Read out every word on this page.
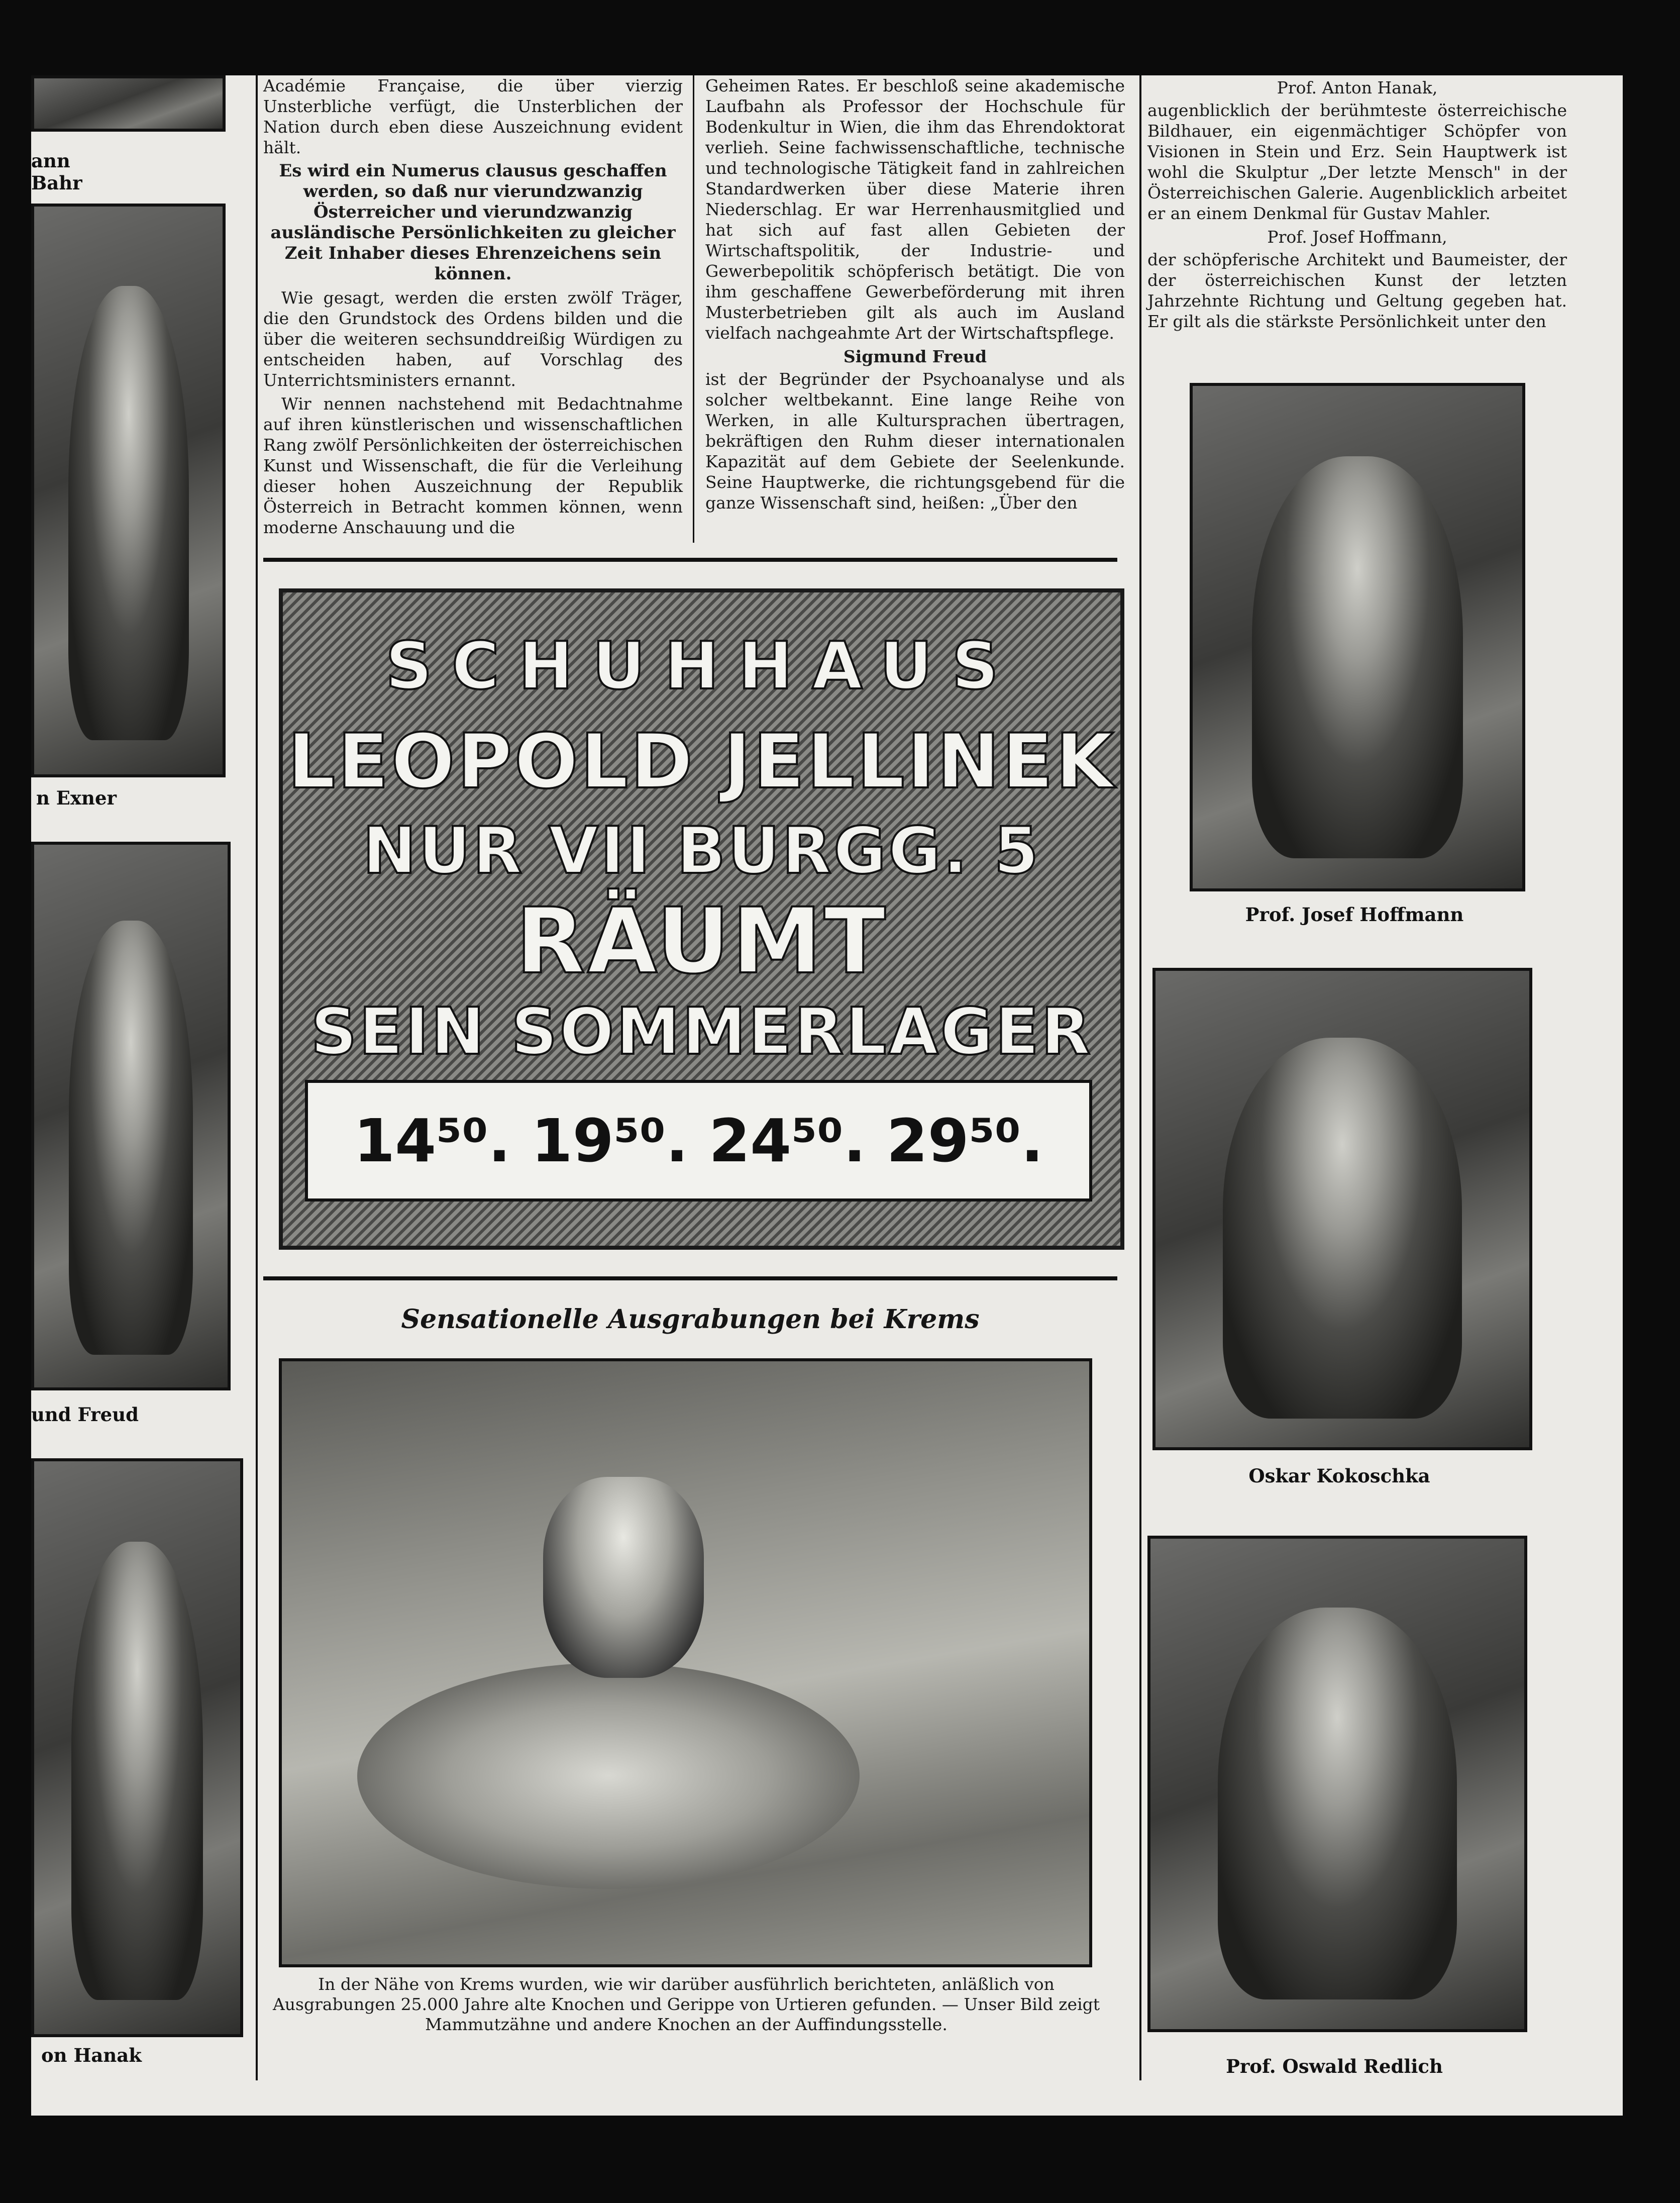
ann Bahr
n Exner
und Freud
on Hanak

Académie Française, die über vierzig Unsterbliche verfügt, die Unsterblichen der Nation durch eben diese Auszeichnung evident hält.

Es wird ein Numerus clausus geschaffen werden, so daß nur vierundzwanzig Österreicher und vierundzwanzig ausländische Persönlichkeiten zu gleicher Zeit Inhaber dieses Ehrenzeichens sein können.

Wie gesagt, werden die ersten zwölf Träger, die den Grundstock des Ordens bilden und die über die weiteren sechsunddreißig Würdigen zu entscheiden haben, auf Vorschlag des Unterrichtsministers ernannt.

Wir nennen nachstehend mit Bedachtnahme auf ihren künstlerischen und wissenschaftlichen Rang zwölf Persönlichkeiten der österreichischen Kunst und Wissenschaft, die für die Verleihung dieser hohen Auszeichnung der Republik Österreich in Betracht kommen können, wenn moderne Anschauung und die

Geheimen Rates. Er beschloß seine akademische Laufbahn als Professor der Hochschule für Bodenkultur in Wien, die ihm das Ehrendoktorat verlieh. Seine fachwissenschaftliche, technische und technologische Tätigkeit fand in zahlreichen Standardwerken über diese Materie ihren Niederschlag. Er war Herrenhausmitglied und hat sich auf fast allen Gebieten der Wirtschaftspolitik, der Industrie- und Gewerbepolitik schöpferisch betätigt. Die von ihm geschaffene Gewerbeförderung mit ihren Musterbetrieben gilt als auch im Ausland vielfach nachgeahmte Art der Wirtschaftspflege.

Sigmund Freud

ist der Begründer der Psychoanalyse und als solcher weltbekannt. Eine lange Reihe von Werken, in alle Kultursprachen übertragen, bekräftigen den Ruhm dieser internationalen Kapazität auf dem Gebiete der Seelenkunde. Seine Hauptwerke, die richtungsgebend für die ganze Wissenschaft sind, heißen: „Über den

Prof. Anton Hanak,

augenblicklich der berühmteste österreichische Bildhauer, ein eigenmächtiger Schöpfer von Visionen in Stein und Erz. Sein Hauptwerk ist wohl die Skulptur „Der letzte Mensch" in der Österreichischen Galerie. Augenblicklich arbeitet er an einem Denkmal für Gustav Mahler.

Prof. Josef Hoffmann,

der schöpferische Architekt und Baumeister, der der österreichischen Kunst der letzten Jahrzehnte Richtung und Geltung gegeben hat. Er gilt als die stärkste Persönlichkeit unter den

Prof. Josef Hoffmann
Oskar Kokoschka
Prof. Oswald Redlich
SCHUHHAUS
LEOPOLD JELLINEK
NUR VII BURGG. 5
RÄUMT
SEIN SOMMERLAGER
14⁵⁰. 19⁵⁰. 24⁵⁰. 29⁵⁰.
Sensationelle Ausgrabungen bei Krems
In der Nähe von Krems wurden, wie wir darüber ausführlich berichteten, anläßlich von Ausgrabungen 25.000 Jahre alte Knochen und Gerippe von Urtieren gefunden. — Unser Bild zeigt Mammutzähne und andere Knochen an der Auffindungsstelle.
